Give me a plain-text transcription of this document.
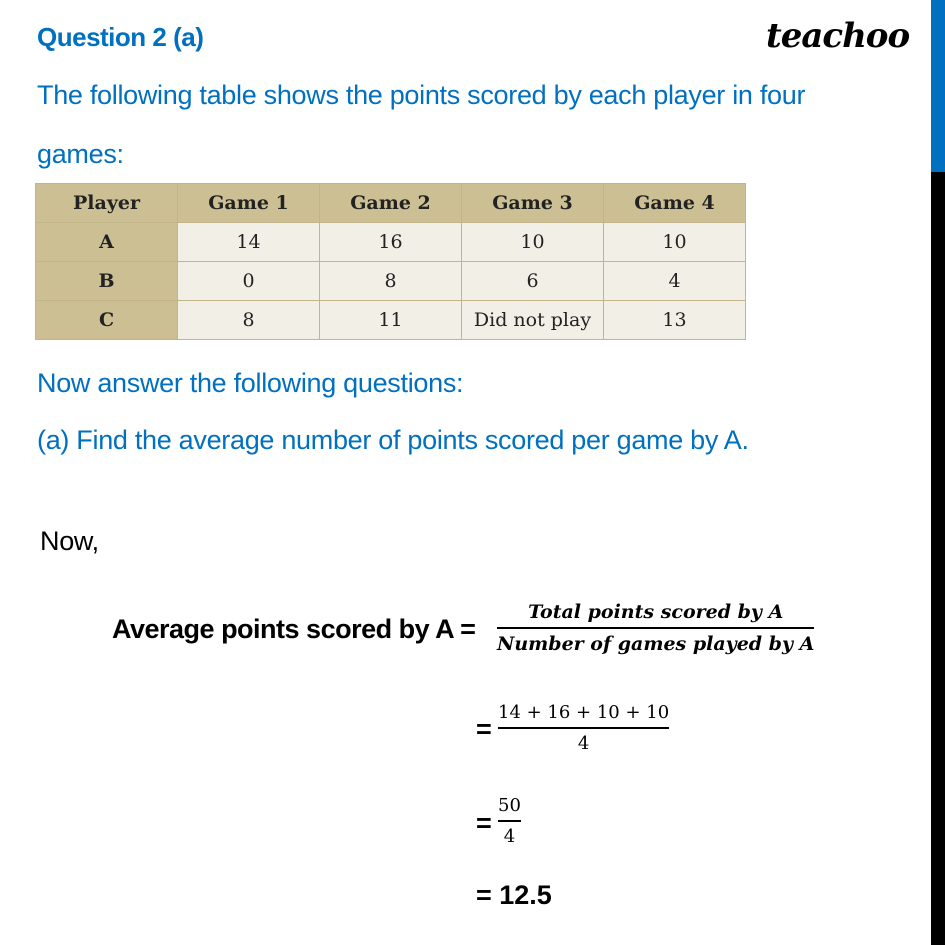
Question 2 (a)	teachoo
The following table shows the points scored by each player in four
games:
Player	Game 1	Game 2	Game 3	Game 4
A	14	16	10	10
B	0	8	6	4
C	8	11	Did not play	13
Now answer the following questions:
(a) Find the average number of points scored per game by A.
Now,
Average points scored by A =
Total points scored by A
Number of games played by A
=
14 + 16 + 10 + 10
4
=
50
4
= 12.5
